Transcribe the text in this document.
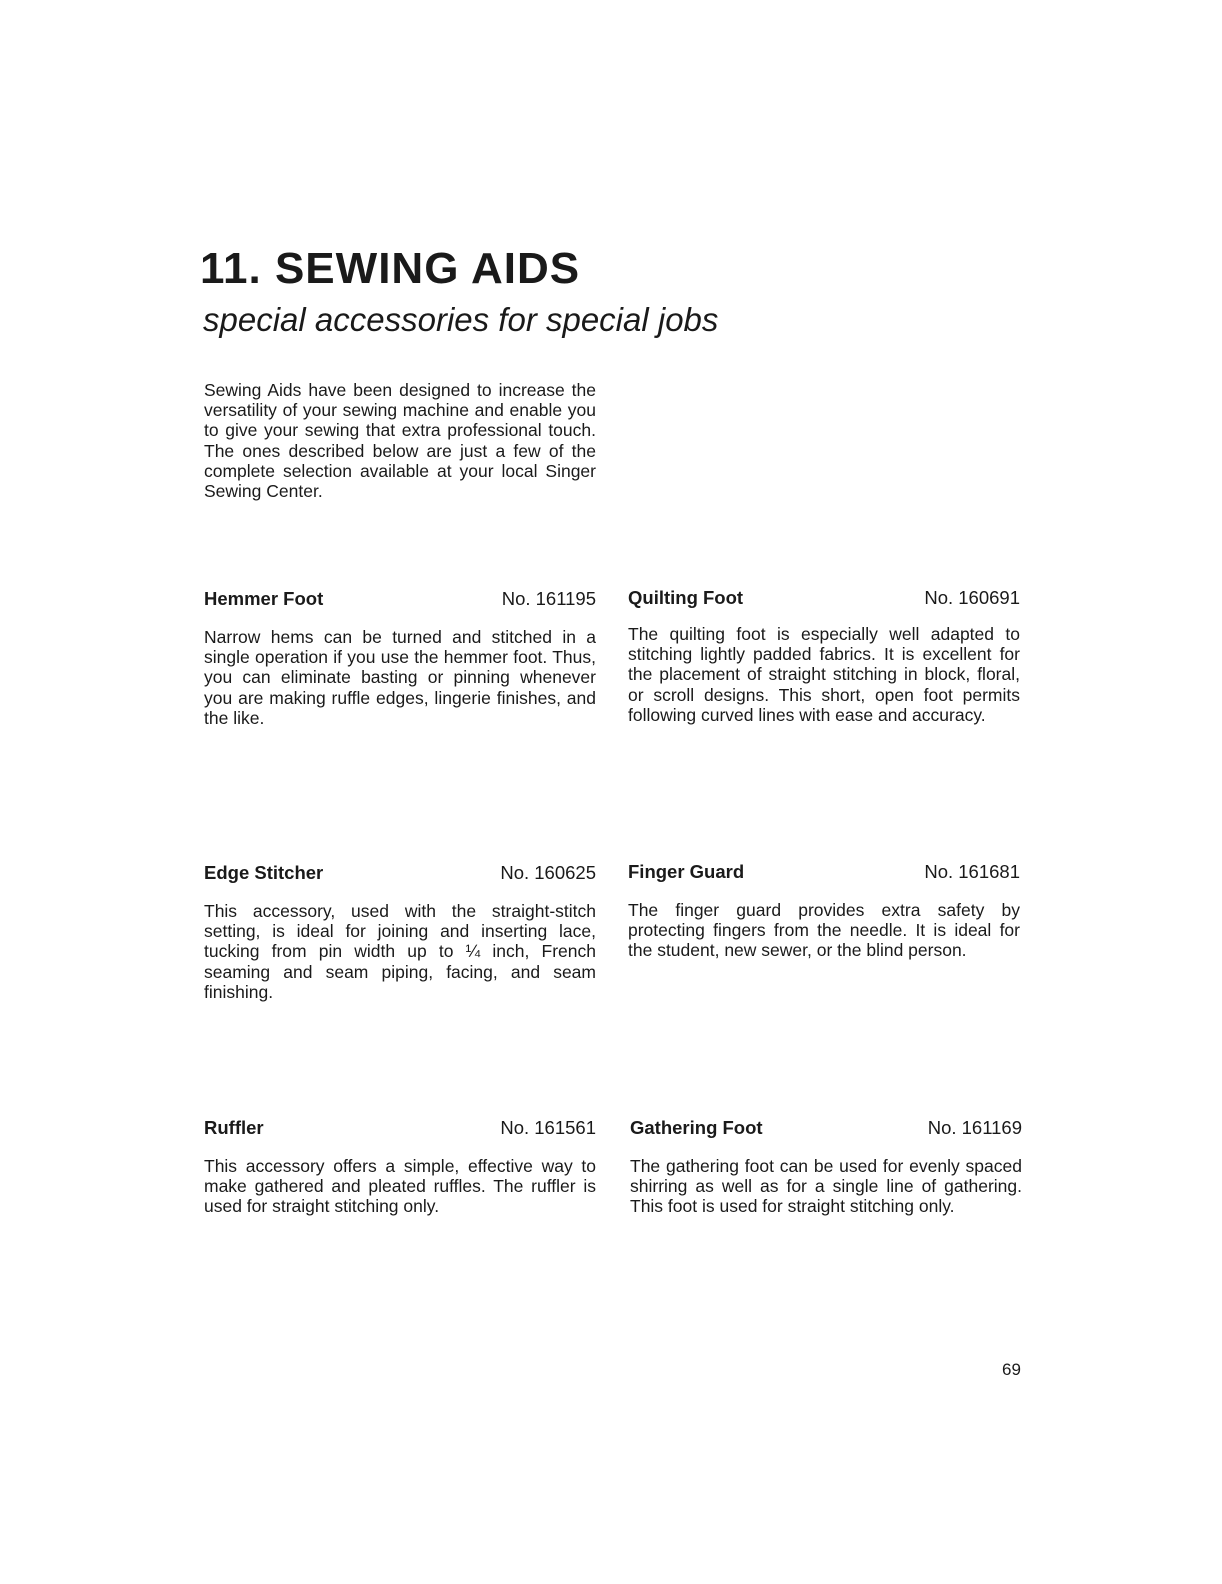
11. SEWING AIDS
special accessories for special jobs

Sewing Aids have been designed to increase the versatility of your sewing machine and enable you to give your sewing that extra professional touch. The ones described below are just a few of the complete selection available at your local Singer Sewing Center.

Hemmer Foot	No. 161195

Narrow hems can be turned and stitched in a single operation if you use the hemmer foot. Thus, you can eliminate basting or pinning whenever you are making ruffle edges, lingerie finishes, and the like.

Quilting Foot	No. 160691

The quilting foot is especially well adapted to stitching lightly padded fabrics. It is excellent for the placement of straight stitching in block, floral, or scroll designs. This short, open foot permits following curved lines with ease and accuracy.

Edge Stitcher	No. 160625

This accessory, used with the straight-stitch setting, is ideal for joining and inserting lace, tucking from pin width up to ¼ inch, French seaming and seam piping, facing, and seam finishing.

Finger Guard	No. 161681

The finger guard provides extra safety by protecting fingers from the needle. It is ideal for the student, new sewer, or the blind person.

Ruffler	No. 161561

This accessory offers a simple, effective way to make gathered and pleated ruffles. The ruffler is used for straight stitching only.

Gathering Foot	No. 161169

The gathering foot can be used for evenly spaced shirring as well as for a single line of gathering. This foot is used for straight stitching only.

69
